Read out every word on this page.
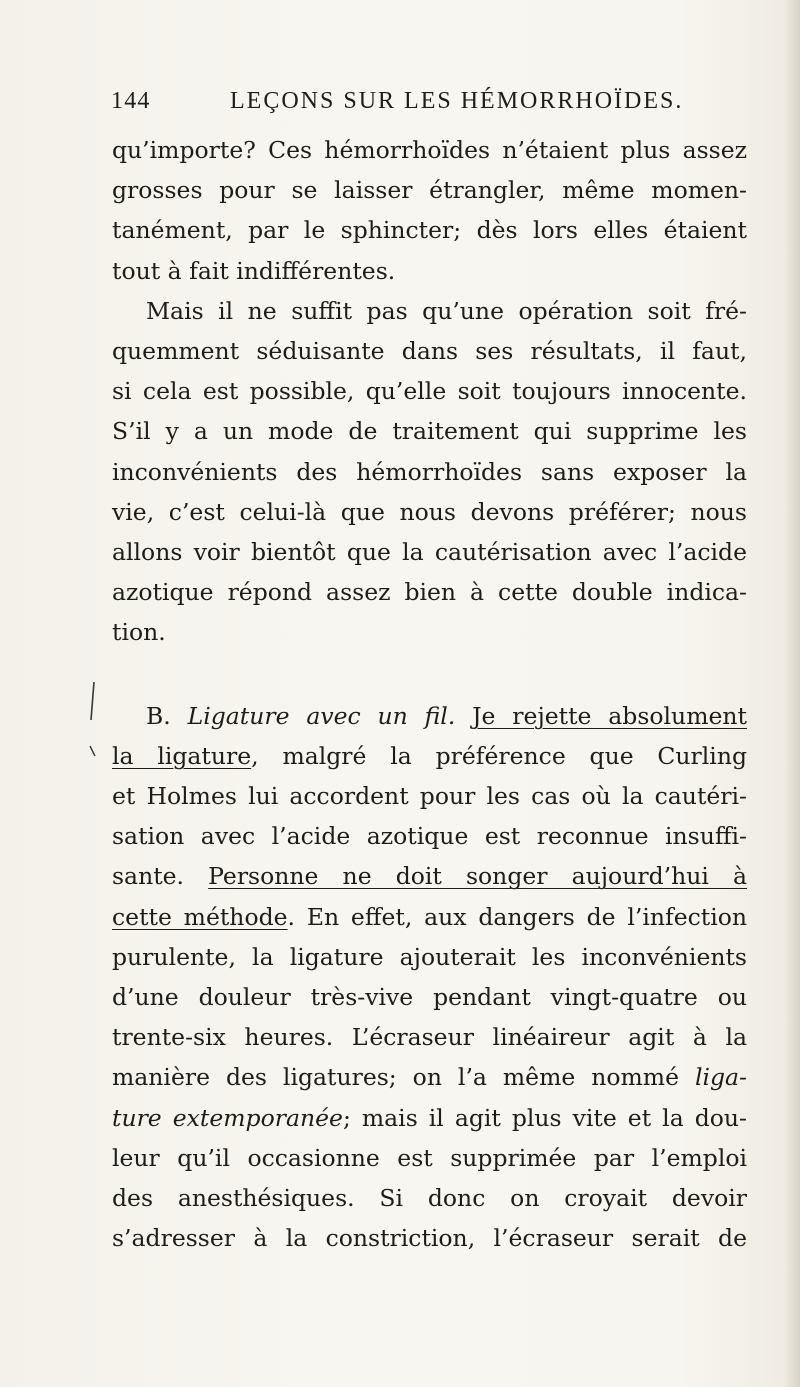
144	LEÇONS SUR LES HÉMORRHOÏDES.
qu’importe? Ces hémorrhoïdes n’étaient plus assez
grosses pour se laisser étrangler, même momen-
tanément, par le sphincter; dès lors elles étaient
tout à fait indifférentes.
Mais il ne suffit pas qu’une opération soit fré-
quemment séduisante dans ses résultats, il faut,
si cela est possible, qu’elle soit toujours innocente.
S’il y a un mode de traitement qui supprime les
inconvénients des hémorrhoïdes sans exposer la
vie, c’est celui-là que nous devons préférer; nous
allons voir bientôt que la cautérisation avec l’acide
azotique répond assez bien à cette double indica-
tion.
B. Ligature avec un fil. Je rejette absolument
la ligature, malgré la préférence que Curling
et Holmes lui accordent pour les cas où la cautéri-
sation avec l’acide azotique est reconnue insuffi-
sante. Personne ne doit songer aujourd’hui à
cette méthode. En effet, aux dangers de l’infection
purulente, la ligature ajouterait les inconvénients
d’une douleur très-vive pendant vingt-quatre ou
trente-six heures. L’écraseur linéaireur agit à la
manière des ligatures; on l’a même nommé liga-
ture extemporanée; mais il agit plus vite et la dou-
leur qu’il occasionne est supprimée par l’emploi
des anesthésiques. Si donc on croyait devoir
s’adresser à la constriction, l’écraseur serait de
